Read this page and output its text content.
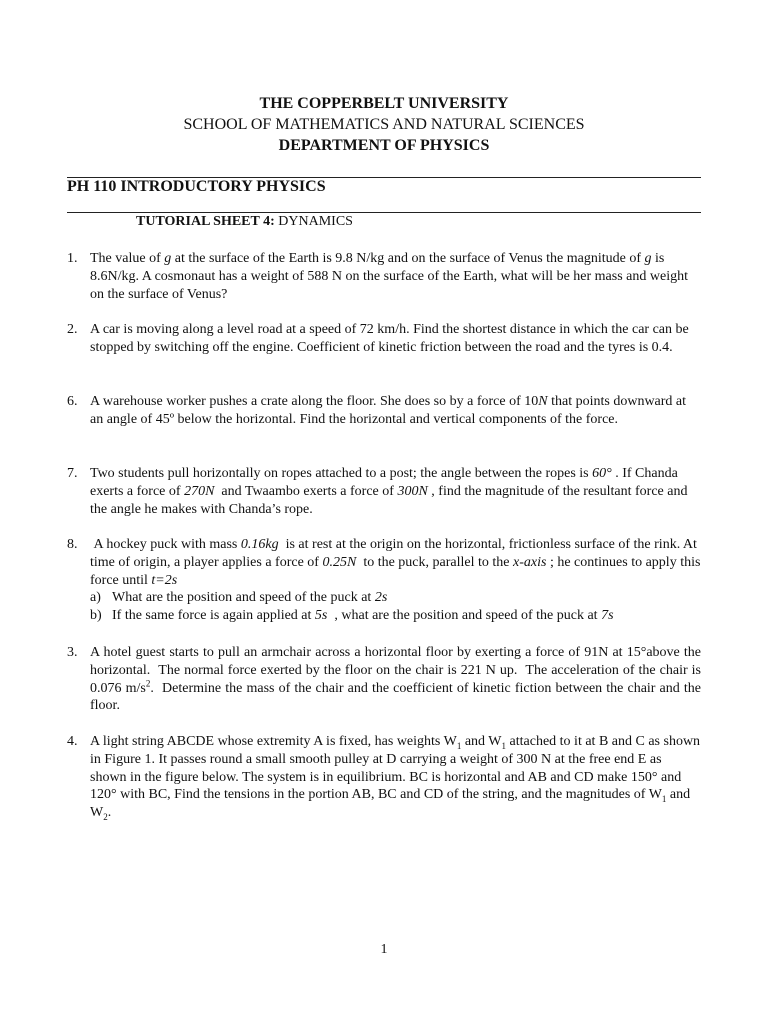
THE COPPERBELT UNIVERSITY
SCHOOL OF MATHEMATICS AND NATURAL SCIENCES
DEPARTMENT OF PHYSICS
PH 110 INTRODUCTORY PHYSICS
TUTORIAL SHEET 4: DYNAMICS
1. The value of g at the surface of the Earth is 9.8 N/kg and on the surface of Venus the magnitude of g is 8.6N/kg. A cosmonaut has a weight of 588 N on the surface of the Earth, what will be her mass and weight on the surface of Venus?
2. A car is moving along a level road at a speed of 72 km/h. Find the shortest distance in which the car can be stopped by switching off the engine. Coefficient of kinetic friction between the road and the tyres is 0.4.
6. A warehouse worker pushes a crate along the floor. She does so by a force of 10N that points downward at an angle of 45º below the horizontal. Find the horizontal and vertical components of the force.
7. Two students pull horizontally on ropes attached to a post; the angle between the ropes is 60° . If Chanda exerts a force of 270N  and Twaambo exerts a force of 300N , find the magnitude of the resultant force and the angle he makes with Chanda’s rope.
8. A hockey puck with mass 0.16kg  is at rest at the origin on the horizontal, frictionless surface of the rink. At time of origin, a player applies a force of 0.25N  to the puck, parallel to the x-axis ; he continues to apply this force until t=2s
a) What are the position and speed of the puck at 2s
b) If the same force is again applied at 5s  , what are the position and speed of the puck at 7s
3. A hotel guest starts to pull an armchair across a horizontal floor by exerting a force of 91N at 15°above the horizontal.  The normal force exerted by the floor on the chair is 221 N up.  The acceleration of the chair is 0.076 $m/s^2$.  Determine the mass of the chair and the coefficient of kinetic fiction between the chair and the floor.
4. A light string ABCDE whose extremity A is fixed, has weights $W_1$ and $W_1$ attached to it at B and C as shown in Figure 1. It passes round a small smooth pulley at D carrying a weight of 300 N at the free end E as shown in the figure below. The system is in equilibrium. BC is horizontal and AB and CD make 150° and 120° with BC, Find the tensions in the portion AB, BC and CD of the string, and the magnitudes of $W_1$ and $W_2$.
1
